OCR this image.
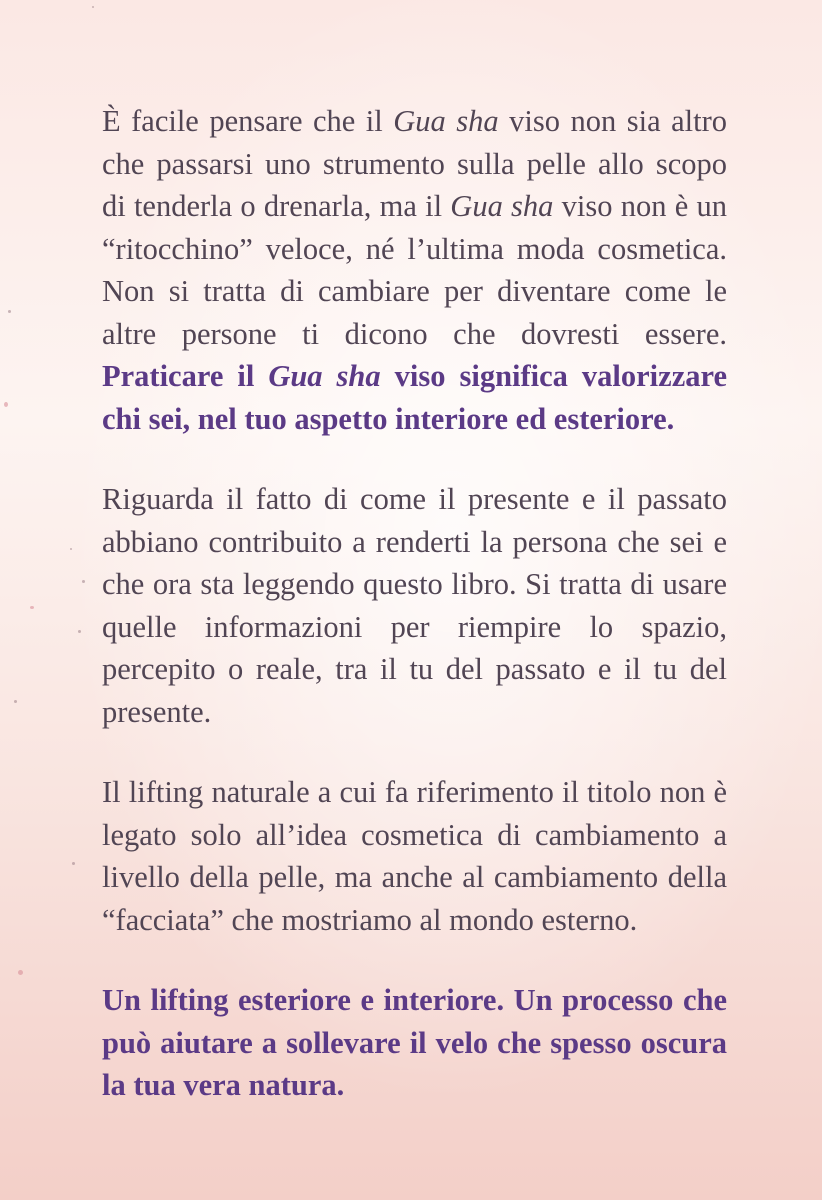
È facile pensare che il Gua sha viso non sia altro che passarsi uno strumento sulla pelle allo scopo di tenderla o drenarla, ma il Gua sha viso non è un “ritocchino” veloce, né l’ultima moda cosmetica. Non si tratta di cambiare per diventare come le altre persone ti dicono che dovresti essere. Praticare il Gua sha viso significa valorizzare chi sei, nel tuo aspetto interiore ed esteriore.

Riguarda il fatto di come il presente e il passato abbiano contribuito a renderti la persona che sei e che ora sta leggendo questo libro. Si tratta di usare quelle informazioni per riempire lo spazio, percepito o reale, tra il tu del passato e il tu del presente.

Il lifting naturale a cui fa riferimento il titolo non è legato solo all’idea cosmetica di cambiamento a livello della pelle, ma anche al cambiamento della “facciata” che mostriamo al mondo esterno.

Un lifting esteriore e interiore. Un processo che può aiutare a sollevare il velo che spesso oscura la tua vera natura.
